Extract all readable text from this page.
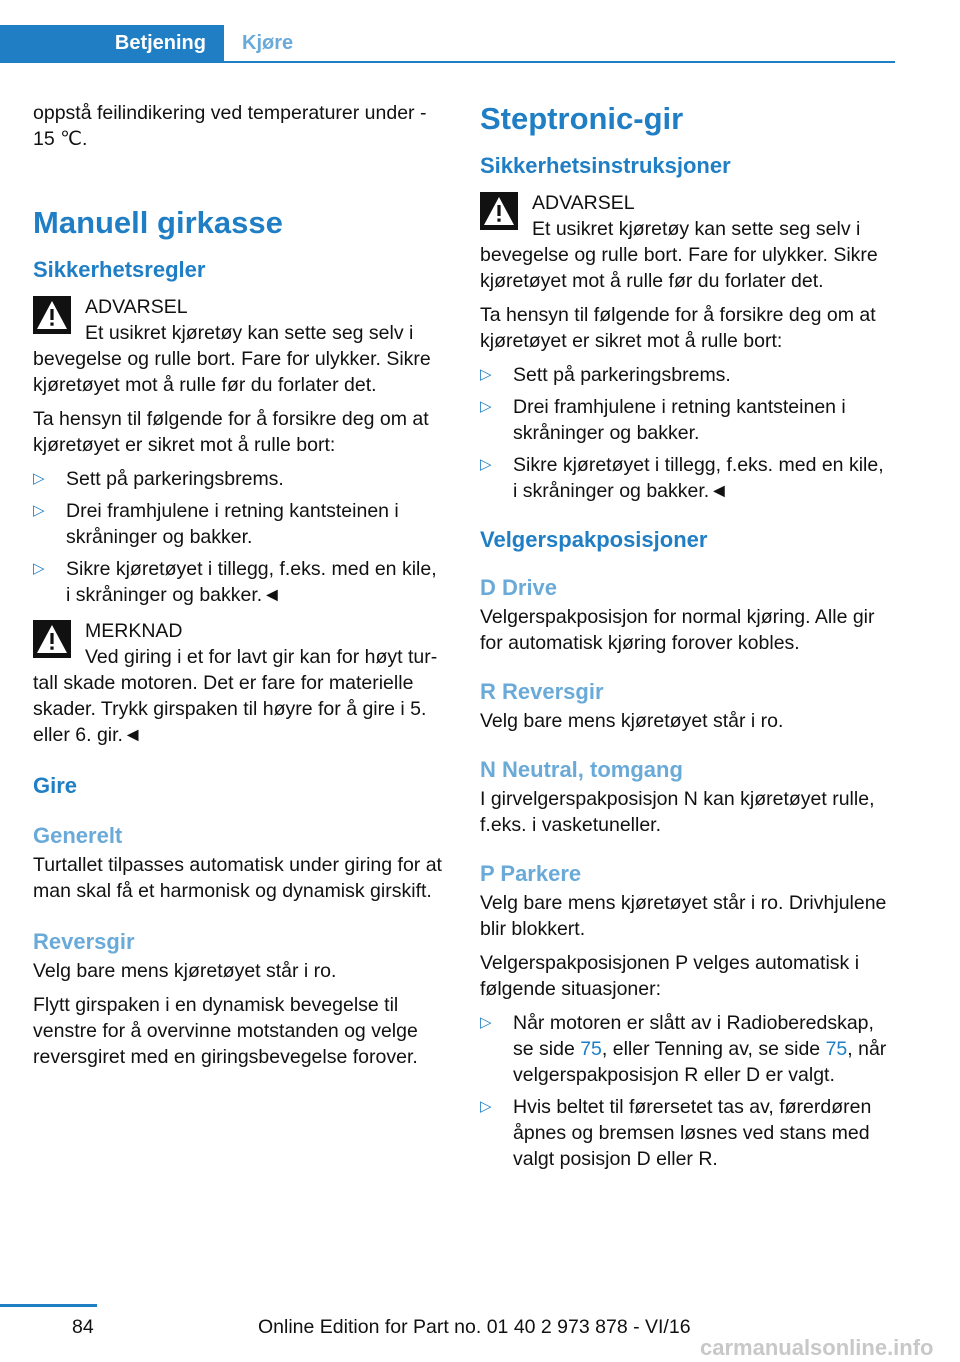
Betjening	Kjøre

oppstå feilindikering ved temperaturer under ‑ 15 ℃.

Manuell girkasse
Sikkerhetsregler
ADVARSEL
Et usikret kjøretøy kan sette seg selv i bevegelse og rulle bort. Fare for ulykker. Sikre kjøretøyet mot å rulle før du forlater det.

Ta hensyn til følgende for å forsikre deg om at kjøretøyet er sikret mot å rulle bort:

▷ Sett på parkeringsbrems.
▷ Drei framhjulene i retning kantsteinen i skråninger og bakker.
▷ Sikre kjøretøyet i tillegg, f.eks. med en kile, i skråninger og bakker.◄
MERKNAD
Ved giring i et for lavt gir kan for høyt turtall skade motoren. Det er fare for materielle skader. Trykk girspaken til høyre for å gire i 5. eller 6. gir.◄
Gire
Generelt

Turtallet tilpasses automatisk under giring for at man skal få et harmonisk og dynamisk girskift.

Reversgir

Velg bare mens kjøretøyet står i ro.

Flytt girspaken i en dynamisk bevegelse til venstre for å overvinne motstanden og velge reversgiret med en giringsbevegelse forover.

Steptronic-gir
Sikkerhetsinstruksjoner
ADVARSEL
Et usikret kjøretøy kan sette seg selv i bevegelse og rulle bort. Fare for ulykker. Sikre kjøretøyet mot å rulle før du forlater det.

Ta hensyn til følgende for å forsikre deg om at kjøretøyet er sikret mot å rulle bort:

▷ Sett på parkeringsbrems.
▷ Drei framhjulene i retning kantsteinen i skråninger og bakker.
▷ Sikre kjøretøyet i tillegg, f.eks. med en kile, i skråninger og bakker.◄
Velgerspakposisjoner
D Drive

Velgerspakposisjon for normal kjøring. Alle gir for automatisk kjøring forover kobles.

R Reversgir

Velg bare mens kjøretøyet står i ro.

N Neutral, tomgang

I girvelgerspakposisjon N kan kjøretøyet rulle, f.eks. i vasketuneller.

P Parkere

Velg bare mens kjøretøyet står i ro. Drivhjulene blir blokkert.

Velgerspakposisjonen P velges automatisk i følgende situasjoner:

▷ Når motoren er slått av i Radioberedskap, se side 75, eller Tenning av, se side 75, når velgerspakposisjon R eller D er valgt.
▷ Hvis beltet til førersetet tas av, førerdøren åpnes og bremsen løsnes ved stans med valgt posisjon D eller R.
84	Online Edition for Part no. 01 40 2 973 878 - VI/16
carmanualsonline.info
